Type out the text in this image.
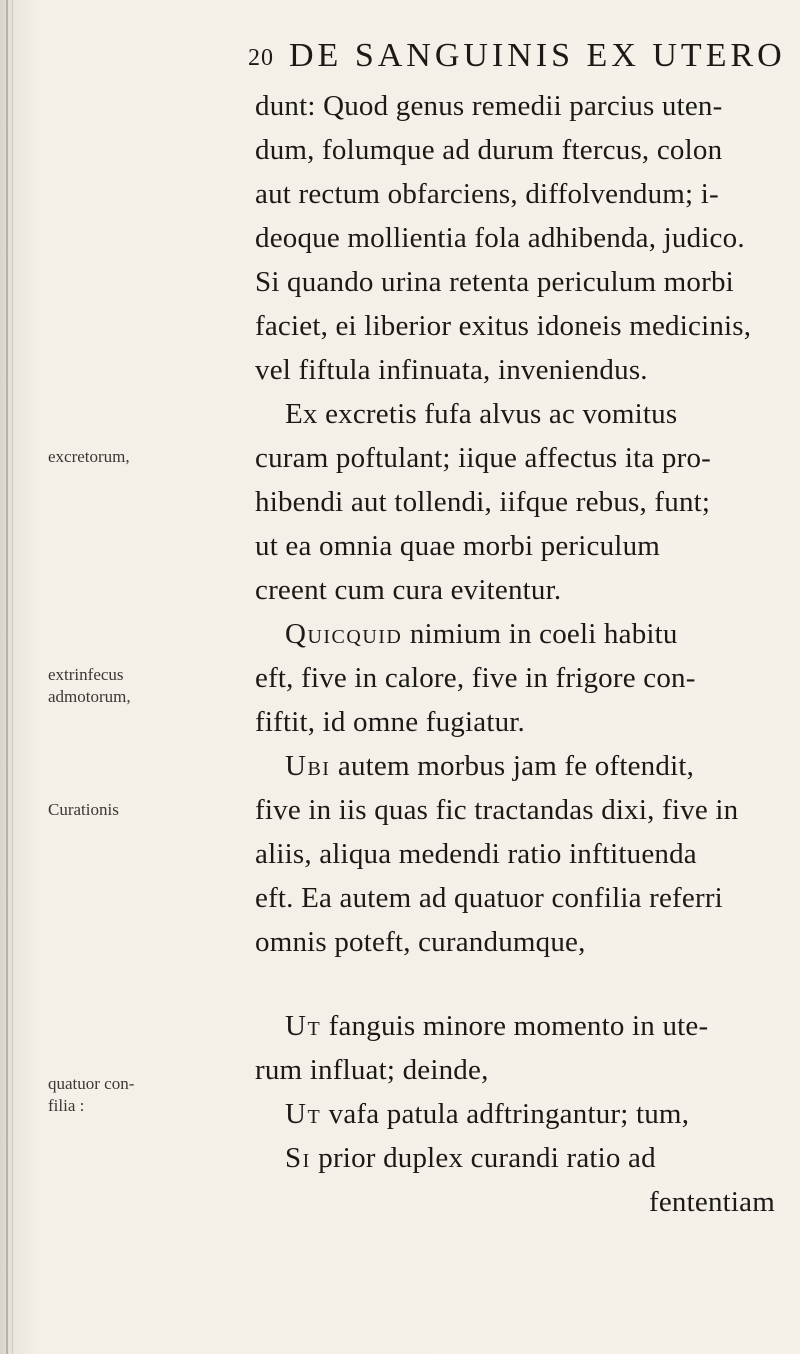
20 DE SANGUINIS EX UTERO
excretorum,
extrinfecus
admotorum,
Curationis
quatuor con-
filia :
dunt: Quod genus remedii parcius uten-
dum, folumque ad durum ftercus, colon
aut rectum obfarciens, diffolvendum; i-
deoque mollientia fola adhibenda, judico.
Si quando urina retenta periculum morbi
faciet, ei liberior exitus idoneis medicinis,
vel fiftula infinuata, inveniendus.
Ex excretis fufa alvus ac vomitus
curam poftulant; iique affectus ita pro-
hibendi aut tollendi, iifque rebus, funt;
ut ea omnia quae morbi periculum
creent cum cura evitentur.
Quicquid nimium in coeli habitu
eft, five in calore, five in frigore con-
fiftit, id omne fugiatur.
Ubi autem morbus jam fe oftendit,
five in iis quas fic tractandas dixi, five in
aliis, aliqua medendi ratio inftituenda
eft. Ea autem ad quatuor confilia referri
omnis poteft, curandumque,
Ut fanguis minore momento in ute-
rum influat; deinde,
Ut vafa patula adftringantur; tum,
Si prior duplex curandi ratio ad
fententiam
